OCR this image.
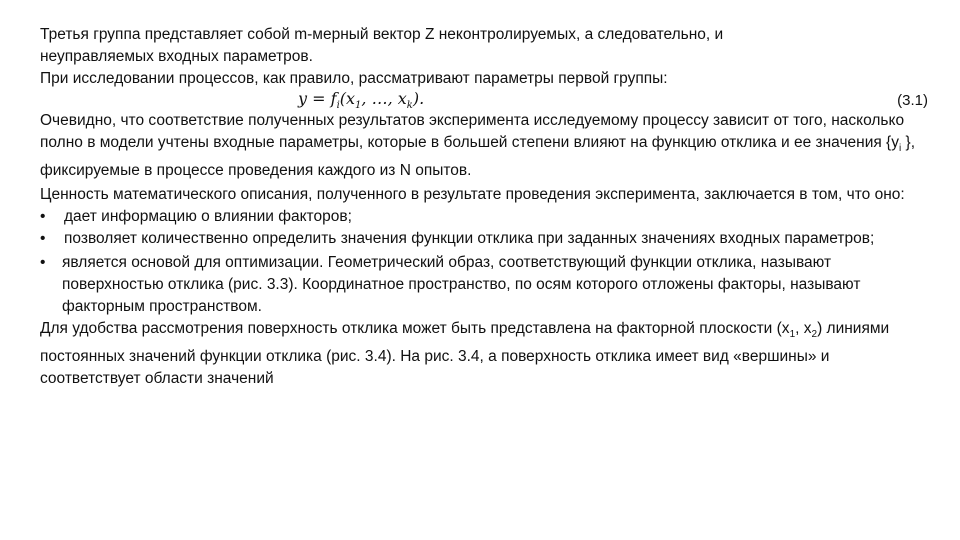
Третья группа представляет собой m-мерный вектор Z неконтролируемых, а следовательно, и

неуправляемых входных параметров.

При исследовании процессов, как правило, рассматривают параметры первой группы:

$y = f_i(x_1$, …, $x_k$).	(3.1)

Очевидно, что соответствие полученных результатов эксперимента исследуемому процессу зависит от того, насколько полно в модели учтены входные параметры, которые в большей степени влияют на функцию отклика и ее значения {$y_i$ }, фиксируемые в процессе проведения каждого из N опытов.

Ценность математического описания, полученного в результате проведения эксперимента, заключается в том, что оно:

•	дает информацию о влиянии факторов;
• позволяет количественно определить значения функции отклика при заданных значениях входных параметров;
•	является основой для оптимизации. Геометрический образ, соответствующий функции отклика, называют поверхностью отклика (рис. 3.3). Координатное пространство, по осям которого отложены факторы, называют факторным пространством.

Для удобства рассмотрения поверхность отклика может быть представлена на факторной плоскости ($x_1$, $x_2$) линиями постоянных значений функции отклика (рис. 3.4). На рис. 3.4, а поверхность отклика имеет вид «вершины» и соответствует области значений
